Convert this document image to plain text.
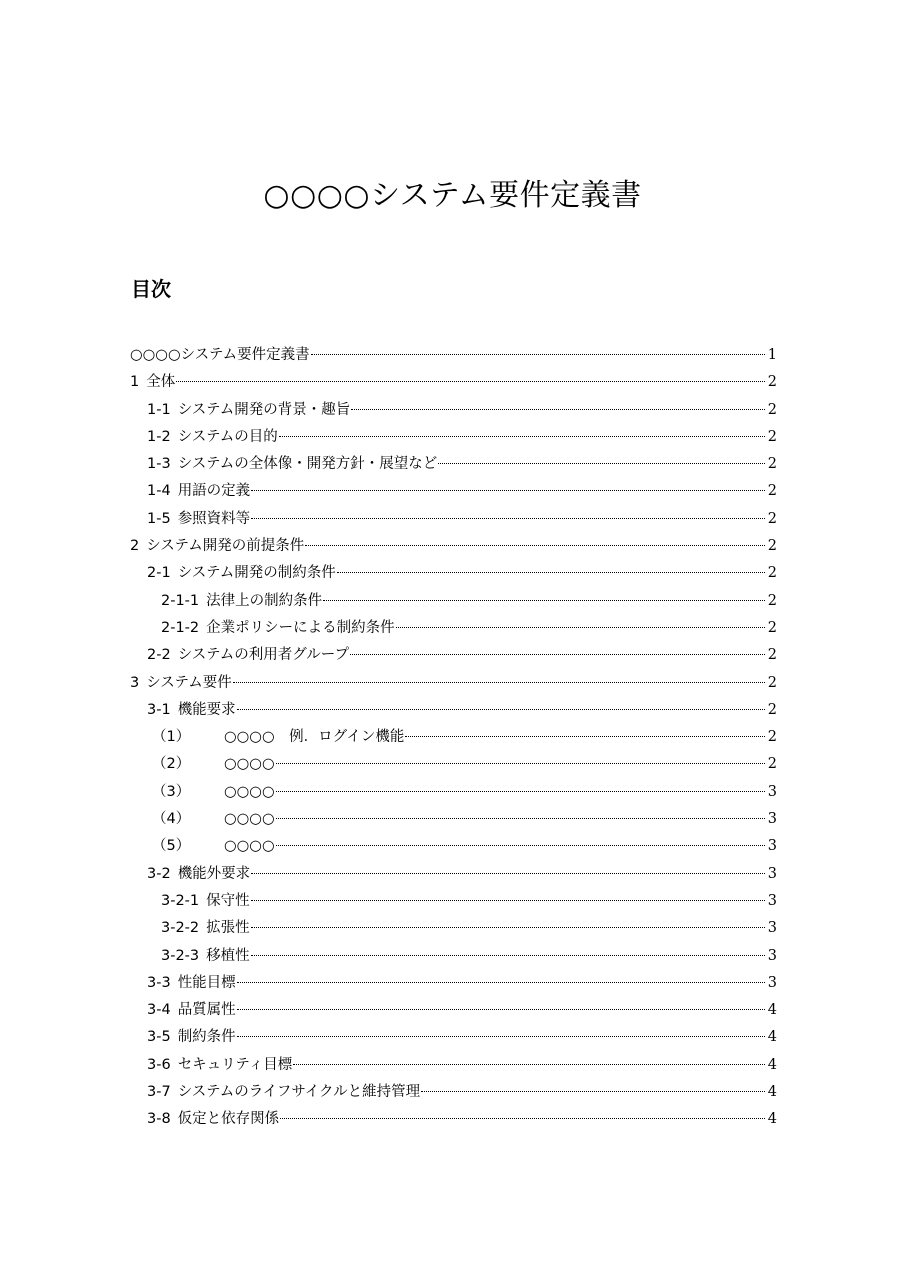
○○○○システム要件定義書
目次
○○○○システム要件定義書	1
1 全体	2
1-1 システム開発の背景・趣旨	2
1-2 システムの目的	2
1-3 システムの全体像・開発方針・展望など	2
1-4 用語の定義	2
1-5 参照資料等	2
2 システム開発の前提条件	2
2-1 システム開発の制約条件	2
2-1-1 法律上の制約条件	2
2-1-2 企業ポリシーによる制約条件	2
2-2 システムの利用者グループ	2
3 システム要件	2
3-1 機能要求	2
（1）	○○○○　例．ログイン機能	2
（2）	○○○○	2
（3）	○○○○	3
（4）	○○○○	3
（5）	○○○○	3
3-2 機能外要求	3
3-2-1 保守性	3
3-2-2 拡張性	3
3-2-3 移植性	3
3-3 性能目標	3
3-4 品質属性	4
3-5 制約条件	4
3-6 セキュリティ目標	4
3-7 システムのライフサイクルと維持管理	4
3-8 仮定と依存関係	4
